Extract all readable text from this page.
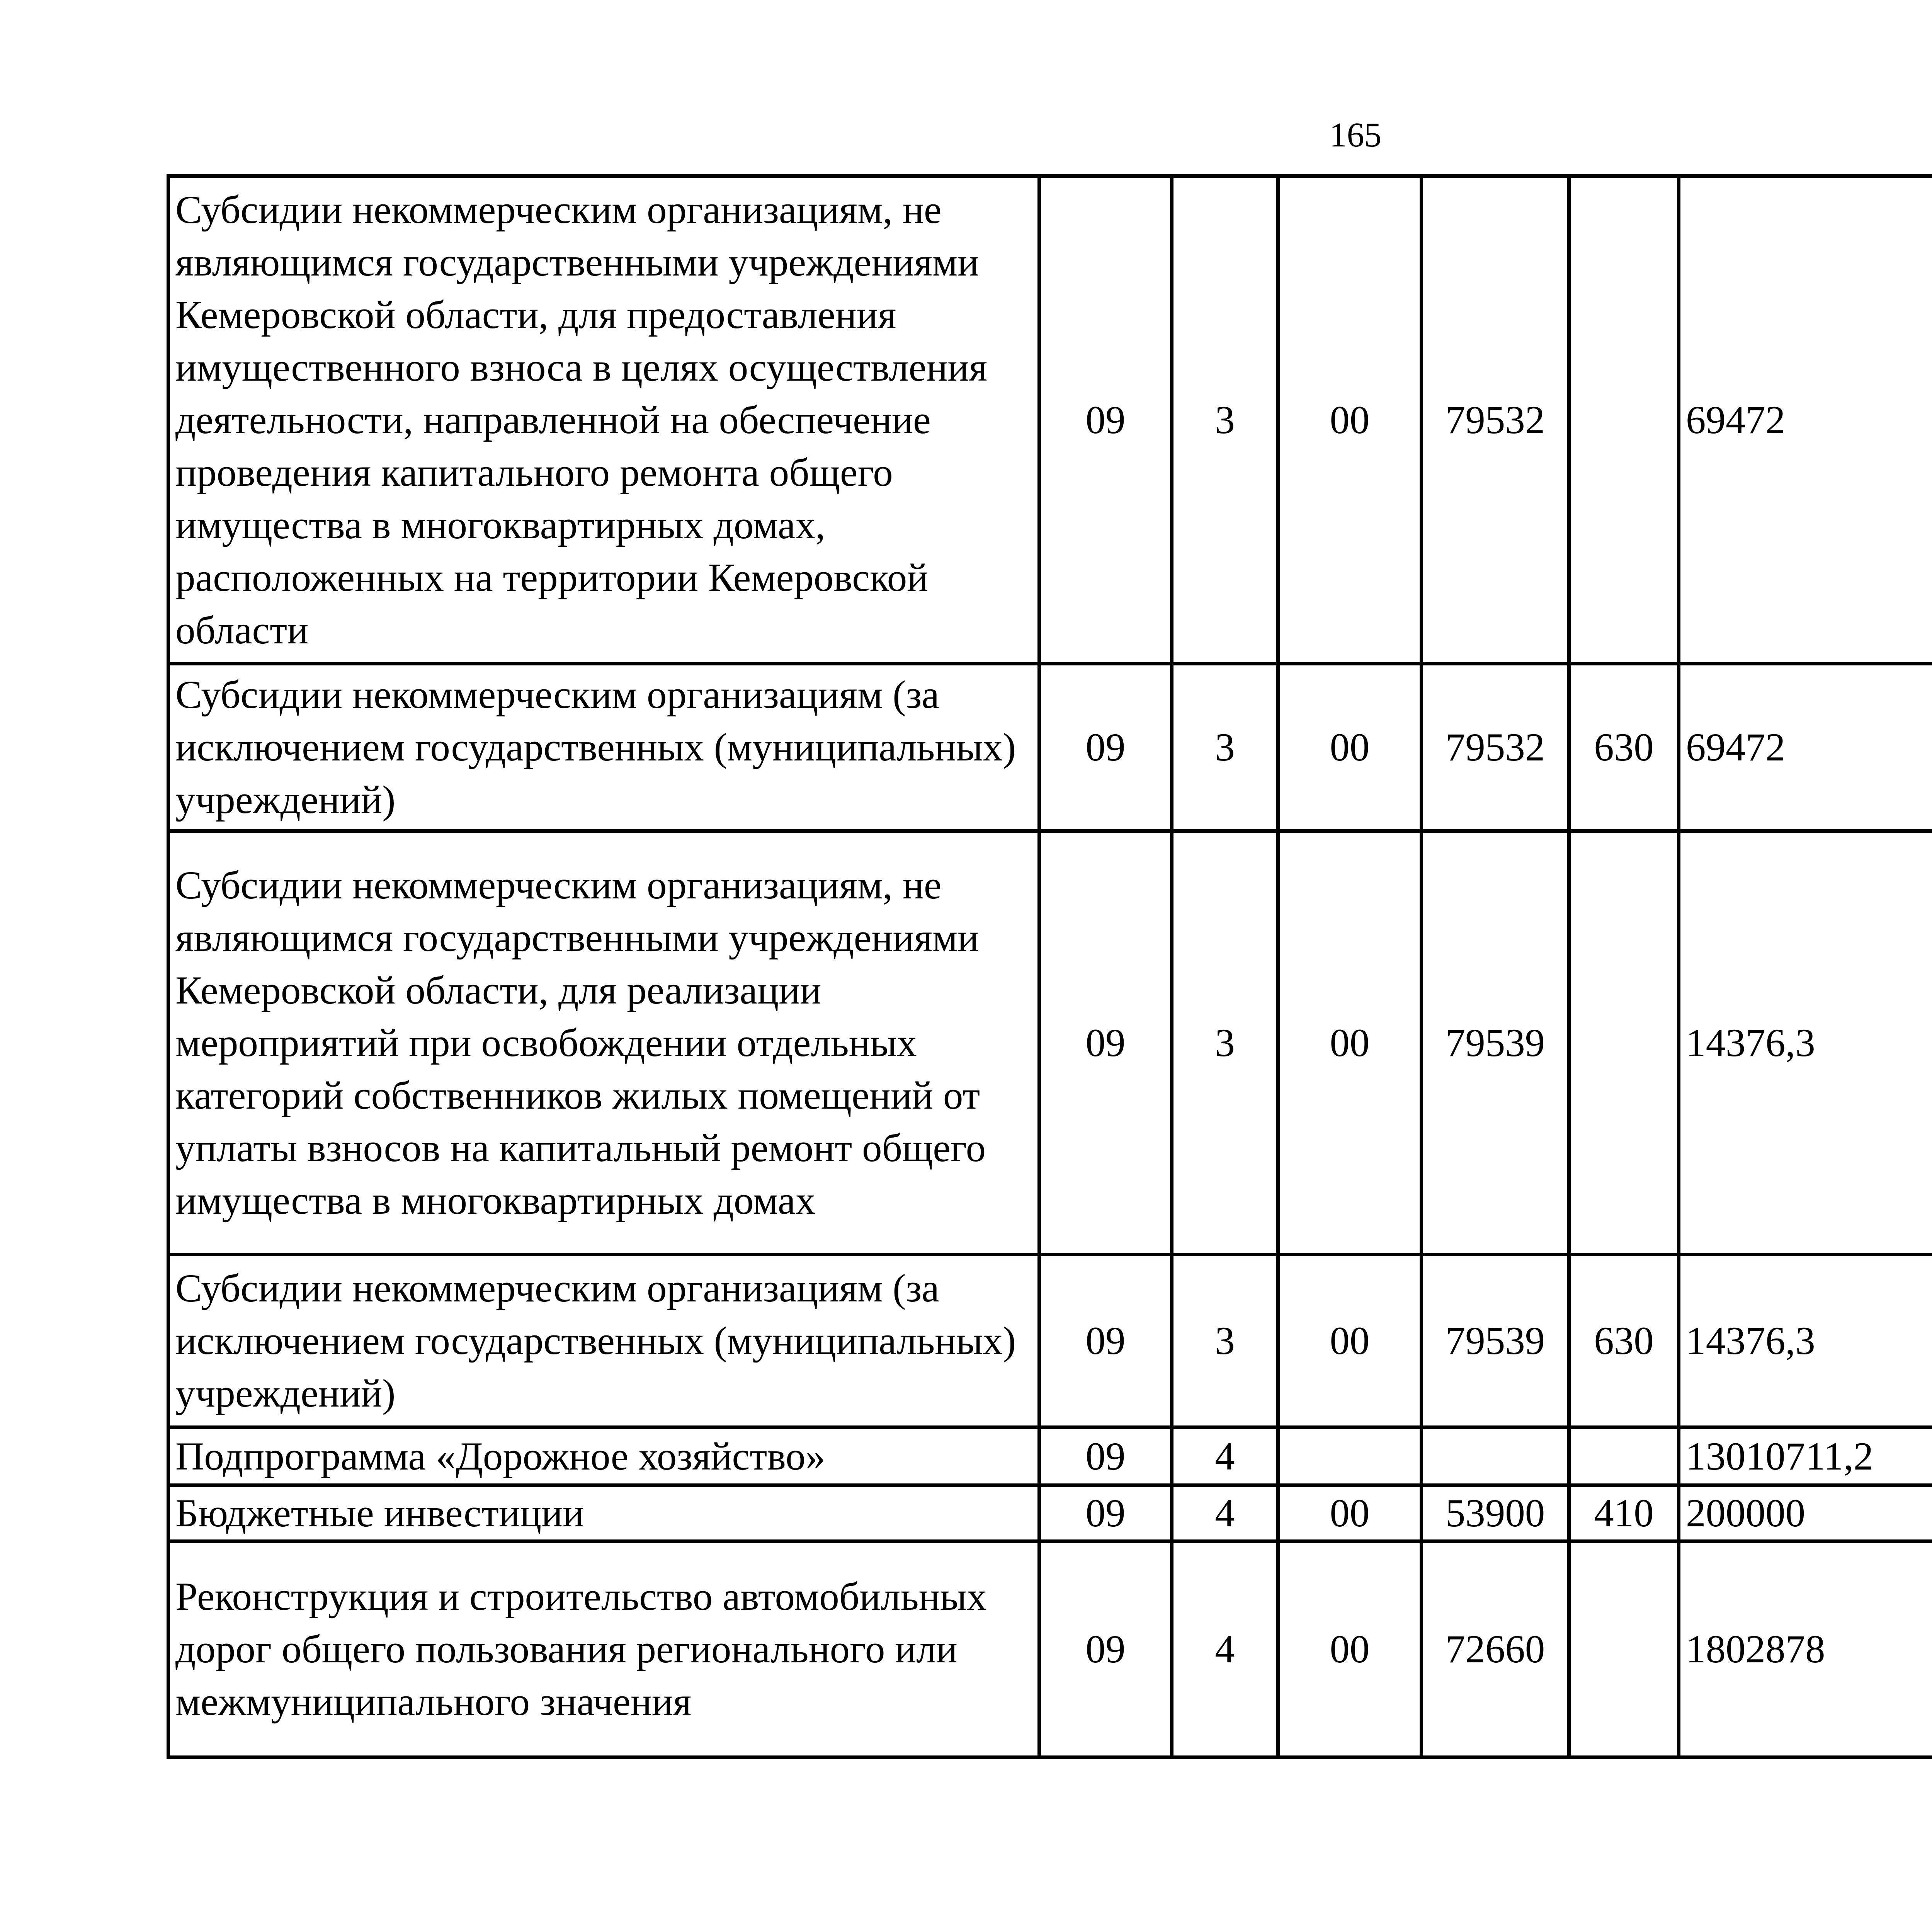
165
Субсидии некоммерческим организациям, не являющимся государственными учреждениями Кемеровской области, для предоставления имущественного взноса в целях осуществления деятельности, направленной на обеспечение проведения капитального ремонта общего имущества в многоквартирных домах, расположенных на территории Кемеровской области	09	3	00	79532		69472		
Субсидии некоммерческим организациям (за исключением государственных (муниципальных) учреждений)	09	3	00	79532	630	69472		
Субсидии некоммерческим организациям, не являющимся государственными учреждениями Кемеровской области, для реализации мероприятий при освобождении отдельных категорий собственников жилых помещений от уплаты взносов на капитальный ремонт общего имущества в многоквартирных домах	09	3	00	79539		14376,3		
Субсидии некоммерческим организациям (за исключением государственных (муниципальных) учреждений)	09	3	00	79539	630	14376,3		
Подпрограмма «Дорожное хозяйство»	09	4				13010711,2		
Бюджетные инвестиции	09	4	00	53900	410	200000		
Реконструкция и строительство автомобильных дорог общего пользования регионального или межмуниципального значения	09	4	00	72660		1802878		
